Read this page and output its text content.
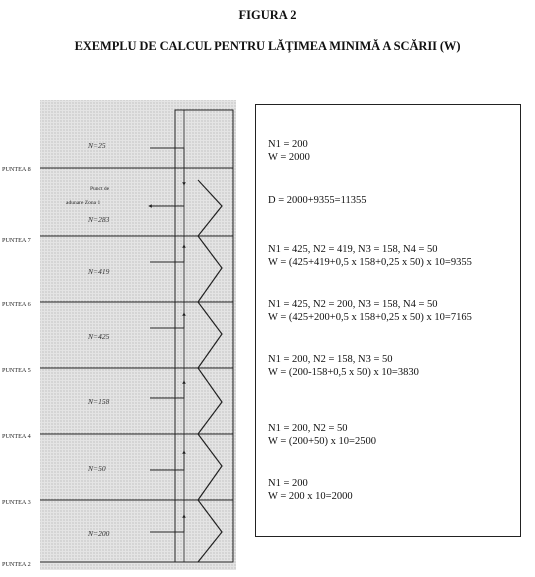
FIGURA 2
EXEMPLU DE CALCUL PENTRU LĂŢIMEA MINIMĂ A SCĂRII (W)
PUNTEA 8
PUNTEA 7
PUNTEA 6
PUNTEA 5
PUNTEA 4
PUNTEA 3
PUNTEA 2
N=25
Punct de
adunare Zona 1
N=283
N=419
N=425
N=158
N=50
N=200
N1 = 200
W = 2000
D = 2000+9355=11355
N1 = 425, N2 = 419, N3 = 158, N4 = 50
W = (425+419+0,5 x 158+0,25 x 50) x 10=9355
N1 = 425, N2 = 200, N3 = 158, N4 = 50
W = (425+200+0,5 x 158+0,25 x 50) x 10=7165
N1 = 200, N2 = 158, N3 = 50
W = (200-158+0,5 x 50) x 10=3830
N1 = 200, N2 = 50
W = (200+50) x 10=2500
N1 = 200
W = 200 x 10=2000
